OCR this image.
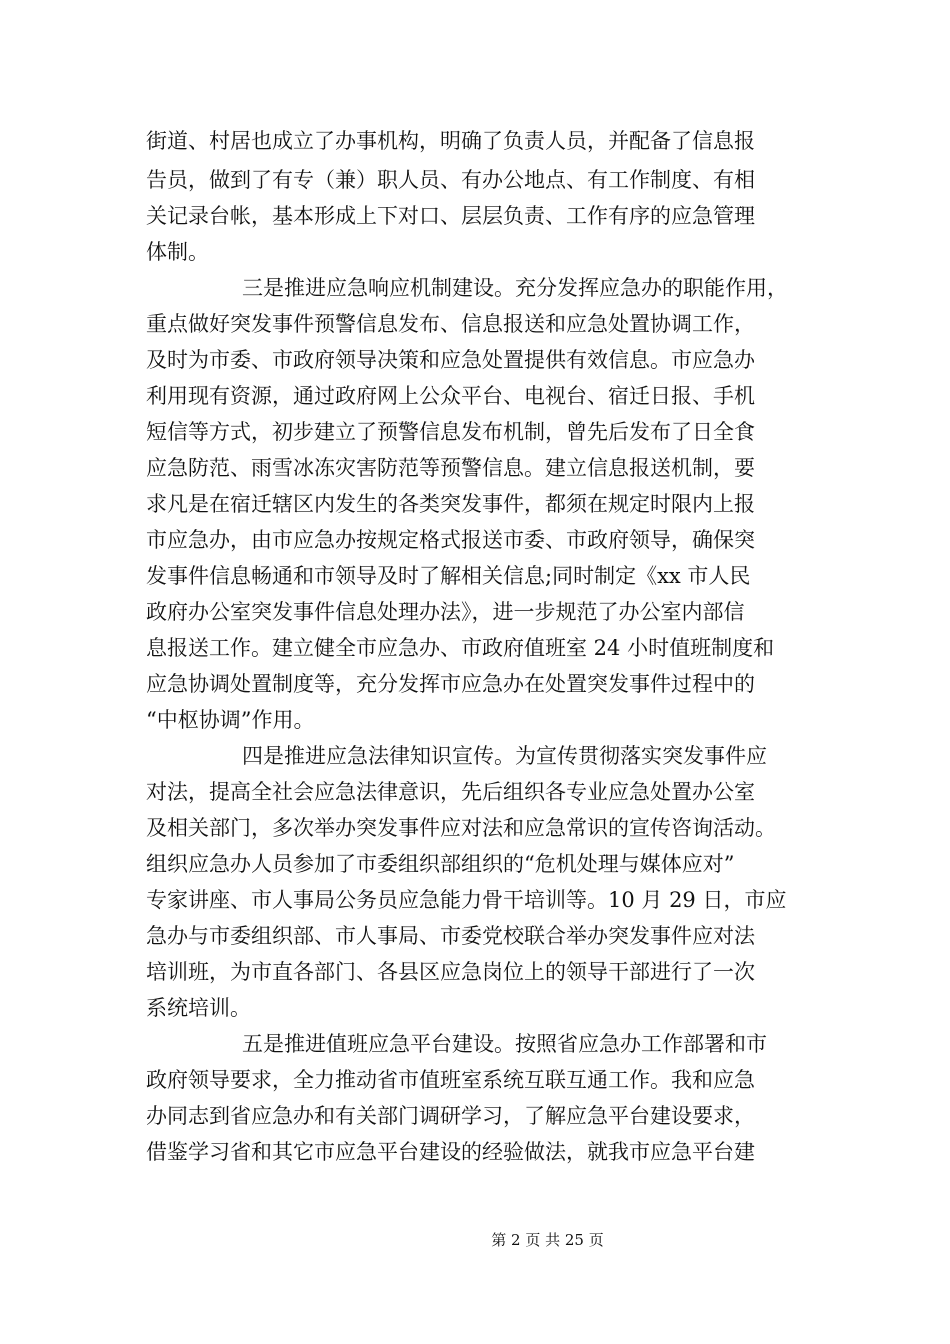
街道、村居也成立了办事机构，明确了负责人员，并配备了信息报
告员，做到了有专（兼）职人员、有办公地点、有工作制度、有相
关记录台帐，基本形成上下对口、层层负责、工作有序的应急管理
体制。
三是推进应急响应机制建设。充分发挥应急办的职能作用，
重点做好突发事件预警信息发布、信息报送和应急处置协调工作，
及时为市委、市政府领导决策和应急处置提供有效信息。市应急办
利用现有资源，通过政府网上公众平台、电视台、宿迁日报、手机
短信等方式，初步建立了预警信息发布机制，曾先后发布了日全食
应急防范、雨雪冰冻灾害防范等预警信息。建立信息报送机制，要
求凡是在宿迁辖区内发生的各类突发事件，都须在规定时限内上报
市应急办，由市应急办按规定格式报送市委、市政府领导，确保突
发事件信息畅通和市领导及时了解相关信息;同时制定《xx 市人民
政府办公室突发事件信息处理办法》，进一步规范了办公室内部信
息报送工作。建立健全市应急办、市政府值班室 24 小时值班制度和
应急协调处置制度等，充分发挥市应急办在处置突发事件过程中的
“中枢协调”作用。
四是推进应急法律知识宣传。为宣传贯彻落实突发事件应
对法，提高全社会应急法律意识，先后组织各专业应急处置办公室
及相关部门，多次举办突发事件应对法和应急常识的宣传咨询活动。
组织应急办人员参加了市委组织部组织的“危机处理与媒体应对”
专家讲座、市人事局公务员应急能力骨干培训等。10 月 29 日，市应
急办与市委组织部、市人事局、市委党校联合举办突发事件应对法
培训班，为市直各部门、各县区应急岗位上的领导干部进行了一次
系统培训。
五是推进值班应急平台建设。按照省应急办工作部署和市
政府领导要求，全力推动省市值班室系统互联互通工作。我和应急
办同志到省应急办和有关部门调研学习，了解应急平台建设要求，
借鉴学习省和其它市应急平台建设的经验做法，就我市应急平台建
第 2 页 共 25 页
